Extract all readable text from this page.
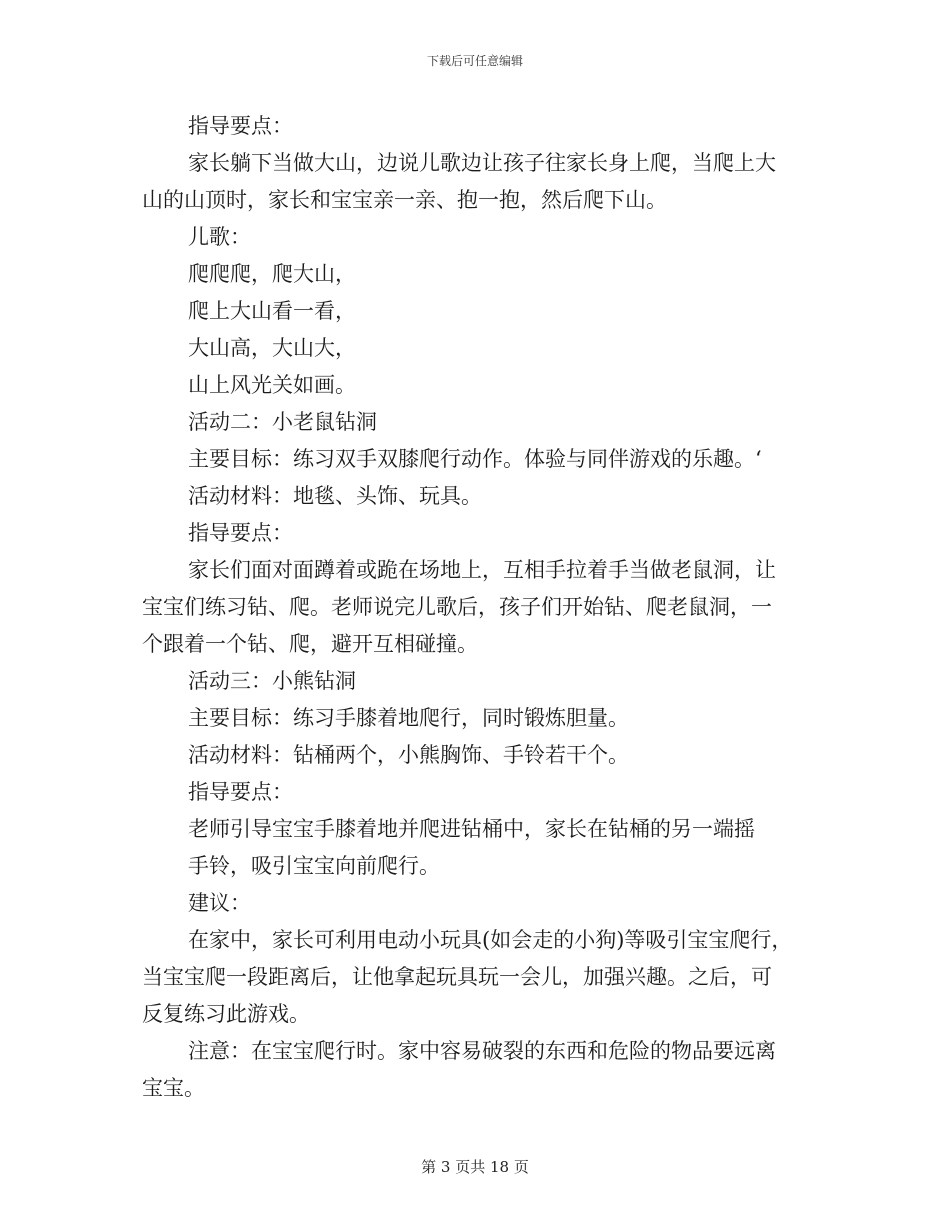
下载后可任意编辑
指导要点：
家长躺下当做大山，边说儿歌边让孩子往家长身上爬，当爬上大
山的山顶时，家长和宝宝亲一亲、抱一抱，然后爬下山。
儿歌：
爬爬爬，爬大山，
爬上大山看一看，
大山高，大山大，
山上风光关如画。
活动二：小老鼠钻洞
主要目标：练习双手双膝爬行动作。体验与同伴游戏的乐趣。‘
活动材料：地毯、头饰、玩具。
指导要点：
家长们面对面蹲着或跪在场地上，互相手拉着手当做老鼠洞，让
宝宝们练习钻、爬。老师说完儿歌后，孩子们开始钻、爬老鼠洞，一
个跟着一个钻、爬，避开互相碰撞。
活动三：小熊钻洞
主要目标：练习手膝着地爬行，同时锻炼胆量。
活动材料：钻桶两个，小熊胸饰、手铃若干个。
指导要点：
老师引导宝宝手膝着地并爬进钻桶中，家长在钻桶的另一端摇
手铃，吸引宝宝向前爬行。
建议：
在家中，家长可利用电动小玩具(如会走的小狗)等吸引宝宝爬行，
当宝宝爬一段距离后，让他拿起玩具玩一会儿，加强兴趣。之后，可
反复练习此游戏。
注意：在宝宝爬行时。家中容易破裂的东西和危险的物品要远离
宝宝。
第 3 页共 18 页
